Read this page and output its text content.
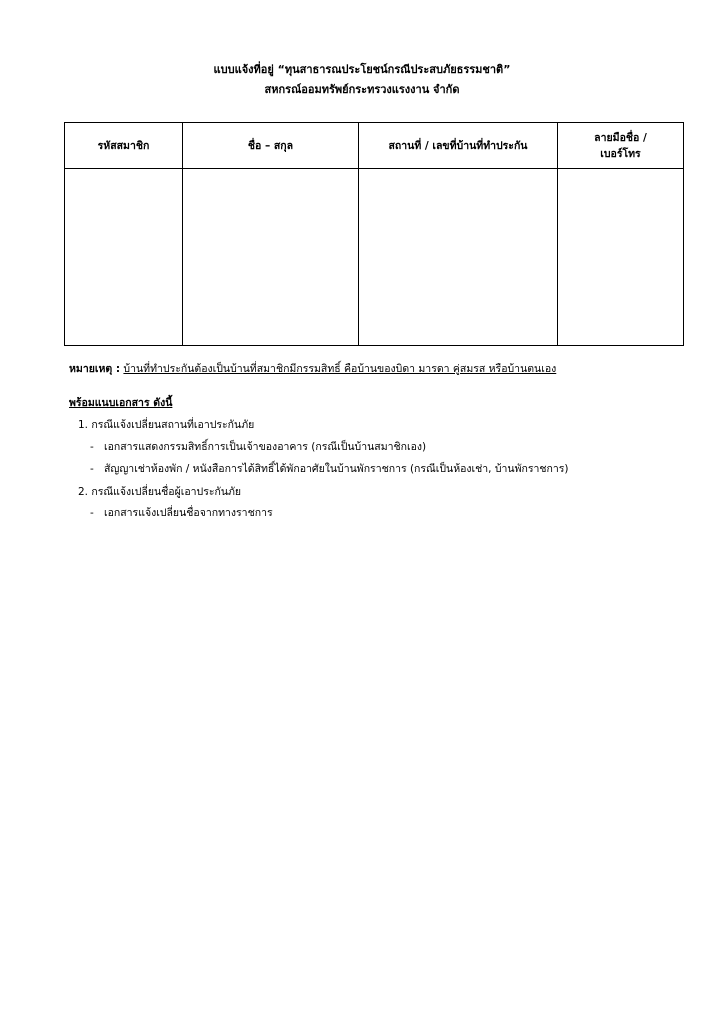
แบบแจ้งที่อยู่ “ทุนสาธารณประโยชน์กรณีประสบภัยธรรมชาติ”
สหกรณ์ออมทรัพย์กระทรวงแรงงาน จำกัด
รหัสสมาชิก	ชื่อ – สกุล	สถานที่ / เลขที่บ้านที่ทำประกัน	ลายมือชื่อ /
เบอร์โทร

หมายเหตุ : บ้านที่ทำประกันต้องเป็นบ้านที่สมาชิกมีกรรมสิทธิ์ คือบ้านของบิดา มารดา คู่สมรส หรือบ้านตนเอง
พร้อมแนบเอกสาร ดังนี้
1. กรณีแจ้งเปลี่ยนสถานที่เอาประกันภัย
- เอกสารแสดงกรรมสิทธิ์การเป็นเจ้าของอาคาร (กรณีเป็นบ้านสมาชิกเอง)
- สัญญาเช่าห้องพัก / หนังสือการได้สิทธิ์ได้พักอาศัยในบ้านพักราชการ (กรณีเป็นห้องเช่า, บ้านพักราชการ)
2. กรณีแจ้งเปลี่ยนชื่อผู้เอาประกันภัย
- เอกสารแจ้งเปลี่ยนชื่อจากทางราชการ
